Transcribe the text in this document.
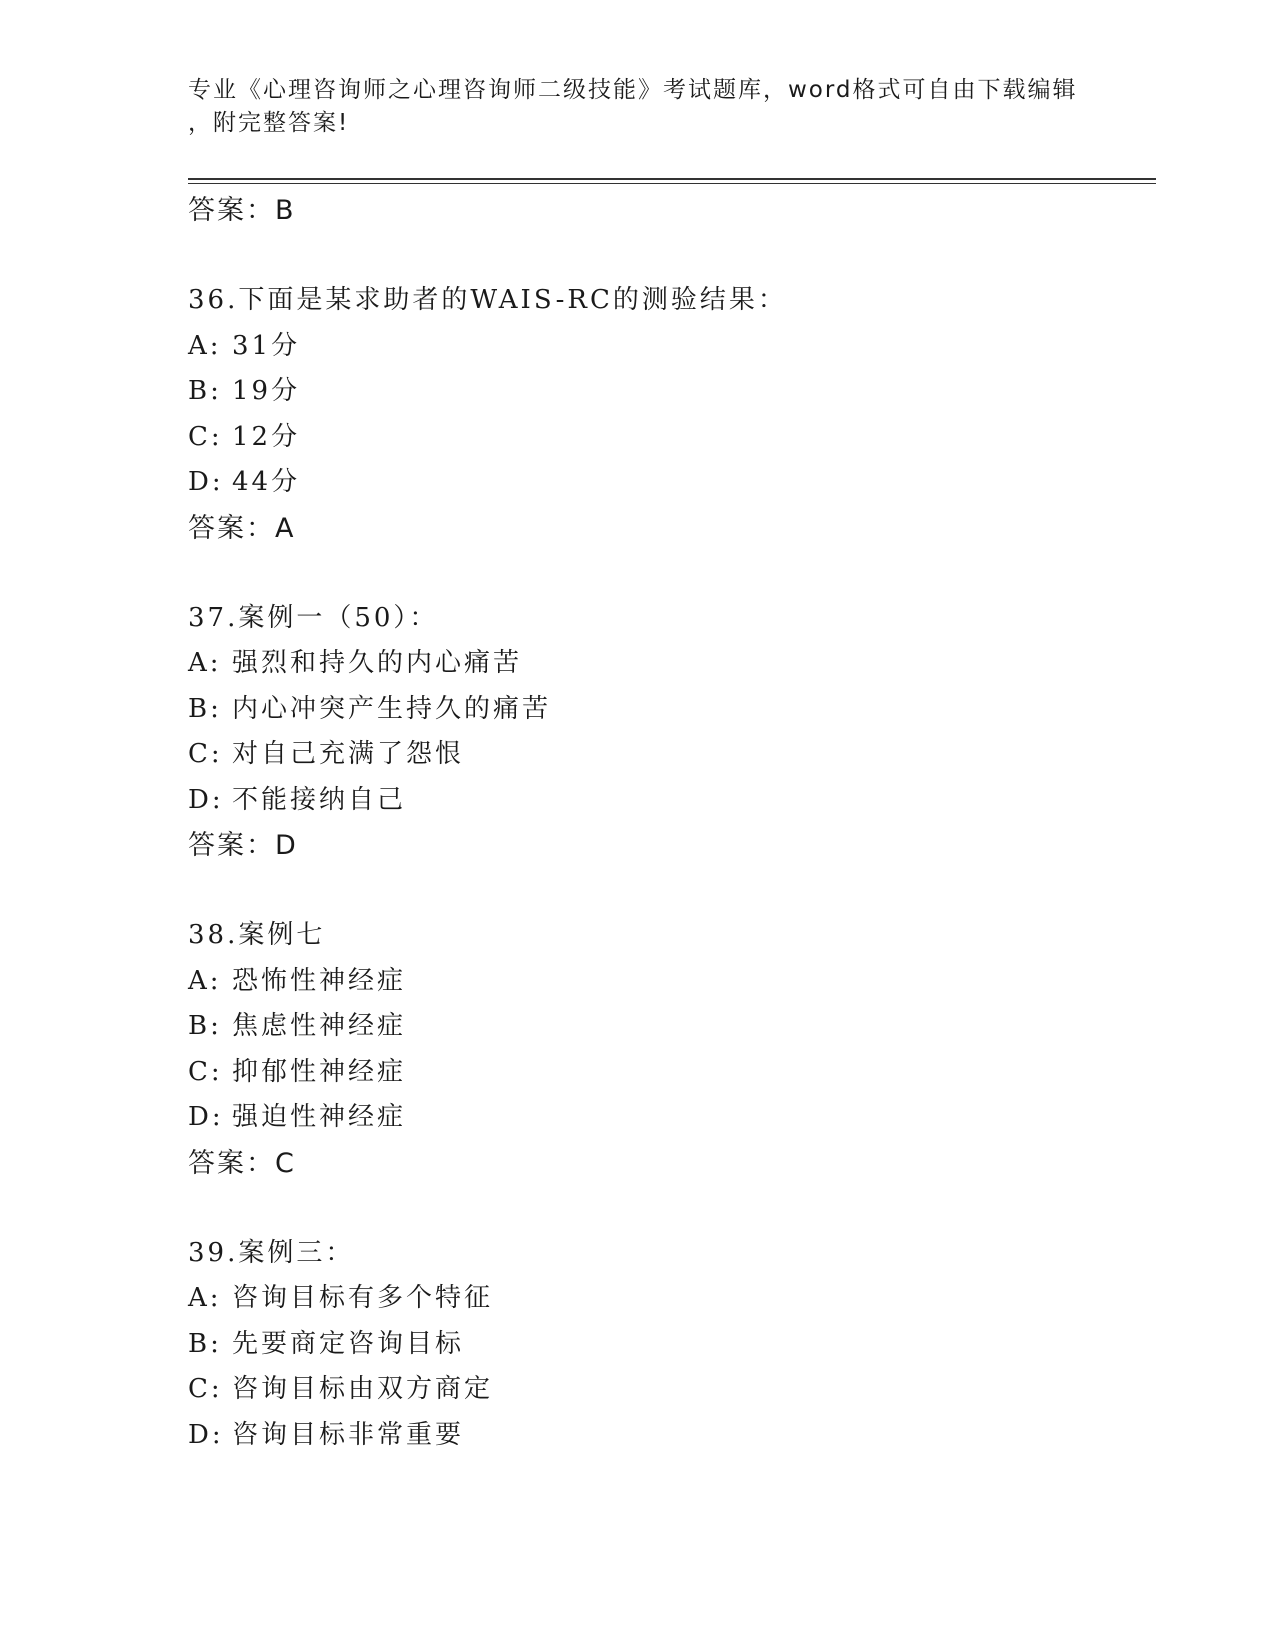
专业《心理咨询师之心理咨询师二级技能》考试题库，word格式可自由下载编辑
，附完整答案!
答案：B
36.下面是某求助者的WAIS-RC的测验结果：
A: 31分
B: 19分
C: 12分
D: 44分
答案：A
37.案例一（50）：
A: 强烈和持久的内心痛苦
B: 内心冲突产生持久的痛苦
C: 对自己充满了怨恨
D: 不能接纳自己
答案：D
38.案例七
A: 恐怖性神经症
B: 焦虑性神经症
C: 抑郁性神经症
D: 强迫性神经症
答案：C
39.案例三：
A: 咨询目标有多个特征
B: 先要商定咨询目标
C: 咨询目标由双方商定
D: 咨询目标非常重要
